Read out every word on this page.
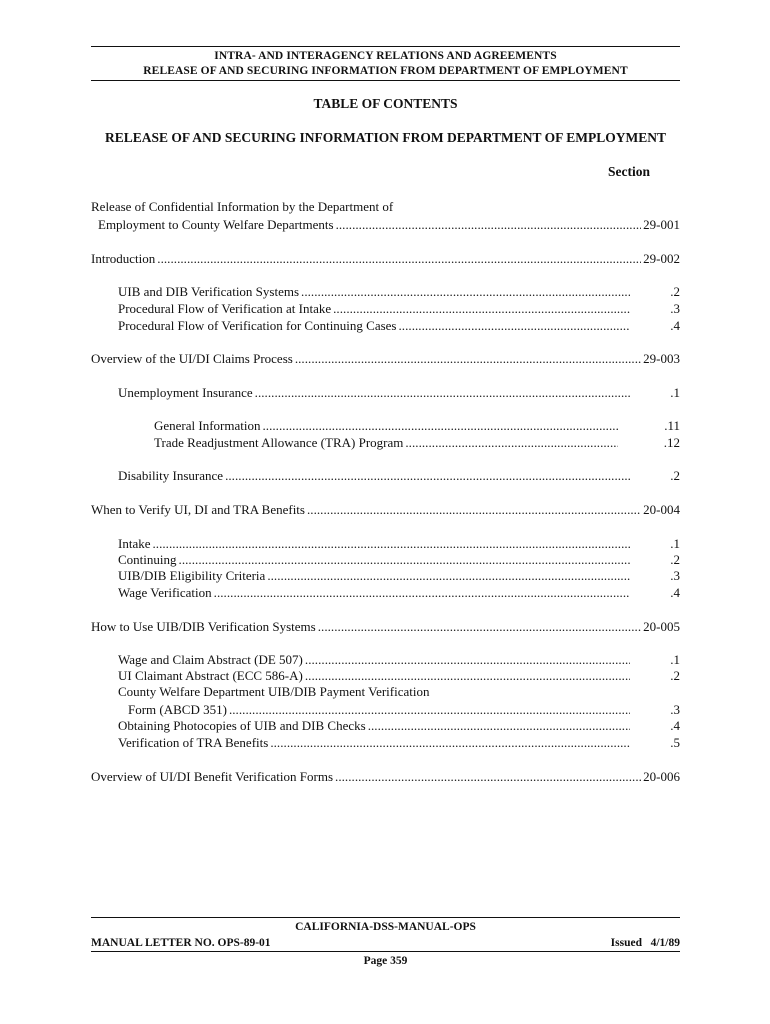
INTRA- AND INTERAGENCY RELATIONS AND AGREEMENTS
RELEASE OF AND SECURING INFORMATION FROM DEPARTMENT OF EMPLOYMENT
TABLE OF CONTENTS
RELEASE OF AND SECURING INFORMATION FROM DEPARTMENT OF EMPLOYMENT
Section
Release of Confidential Information by the Department of
Employment to County Welfare Departments . . .	29-001
Introduction . . .	29-002
UIB and DIB Verification Systems . . .	.2
Procedural Flow of Verification at Intake . . .	.3
Procedural Flow of Verification for Continuing Cases . . .	.4
Overview of the UI/DI Claims Process . . .	29-003
Unemployment Insurance . . .	.1
General Information . . .	.11
Trade Readjustment Allowance (TRA) Program . . .	.12
Disability Insurance . . .	.2
When to Verify UI, DI and TRA Benefits . . .	20-004
Intake . . .	.1
Continuing . . .	.2
UIB/DIB Eligibility Criteria . . .	.3
Wage Verification . . .	.4
How to Use UIB/DIB Verification Systems . . .	20-005
Wage and Claim Abstract (DE 507) . . .	.1
UI Claimant Abstract (ECC 586-A) . . .	.2
County Welfare Department UIB/DIB Payment Verification
Form (ABCD 351) . . .	.3
Obtaining Photocopies of UIB and DIB Checks . . .	.4
Verification of TRA Benefits . . .	.5
Overview of UI/DI Benefit Verification Forms . . .	20-006
CALIFORNIA-DSS-MANUAL-OPS
MANUAL LETTER NO. OPS-89-01	Issued 4/1/89
Page 359
